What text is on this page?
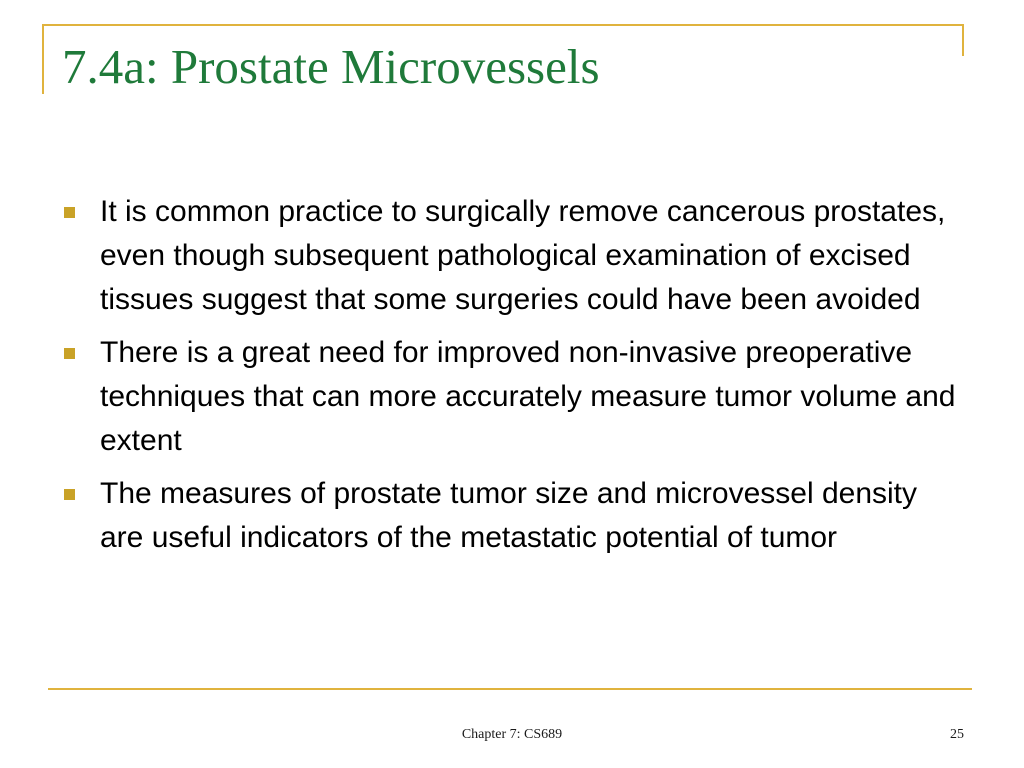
7.4a: Prostate Microvessels
It is common practice to surgically remove cancerous prostates, even though subsequent pathological examination of excised tissues suggest that some surgeries could have been avoided
There is a great need for improved non-invasive preoperative techniques that can more accurately measure tumor volume and extent
The measures of prostate tumor size and microvessel density are useful indicators of the metastatic potential of tumor
Chapter 7: CS689	25
